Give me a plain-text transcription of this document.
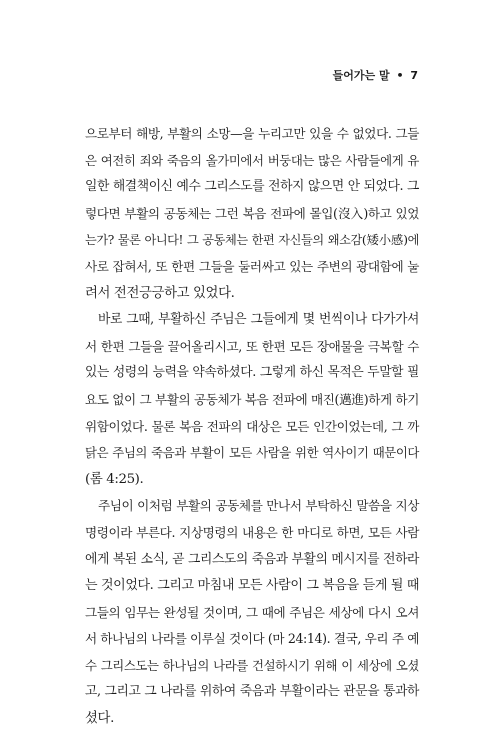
들어가는 말 • 7
으로부터 해방, 부활의 소망—을 누리고만 있을 수 없었다. 그들
은 여전히 죄와 죽음의 올가미에서 버둥대는 많은 사람들에게 유
일한 해결책이신 예수 그리스도를 전하지 않으면 안 되었다. 그
렇다면 부활의 공동체는 그런 복음 전파에 몰입(沒入)하고 있었
는가? 물론 아니다! 그 공동체는 한편 자신들의 왜소감(矮小感)에
사로 잡혀서, 또 한편 그들을 둘러싸고 있는 주변의 광대함에 눌
려서 전전긍긍하고 있었다.
바로 그때, 부활하신 주님은 그들에게 몇 번씩이나 다가가셔
서 한편 그들을 끌어올리시고, 또 한편 모든 장애물을 극복할 수
있는 성령의 능력을 약속하셨다. 그렇게 하신 목적은 두말할 필
요도 없이 그 부활의 공동체가 복음 전파에 매진(邁進)하게 하기
위함이었다. 물론 복음 전파의 대상은 모든 인간이었는데, 그 까
닭은 주님의 죽음과 부활이 모든 사람을 위한 역사이기 때문이다
(롬 4:25).
주님이 이처럼 부활의 공동체를 만나서 부탁하신 말씀을 지상
명령이라 부른다. 지상명령의 내용은 한 마디로 하면, 모든 사람
에게 복된 소식, 곧 그리스도의 죽음과 부활의 메시지를 전하라
는 것이었다. 그리고 마침내 모든 사람이 그 복음을 듣게 될 때
그들의 임무는 완성될 것이며, 그 때에 주님은 세상에 다시 오셔
서 하나님의 나라를 이루실 것이다 (마 24:14). 결국, 우리 주 예
수 그리스도는 하나님의 나라를 건설하시기 위해 이 세상에 오셨
고, 그리고 그 나라를 위하여 죽음과 부활이라는 관문을 통과하
셨다.
